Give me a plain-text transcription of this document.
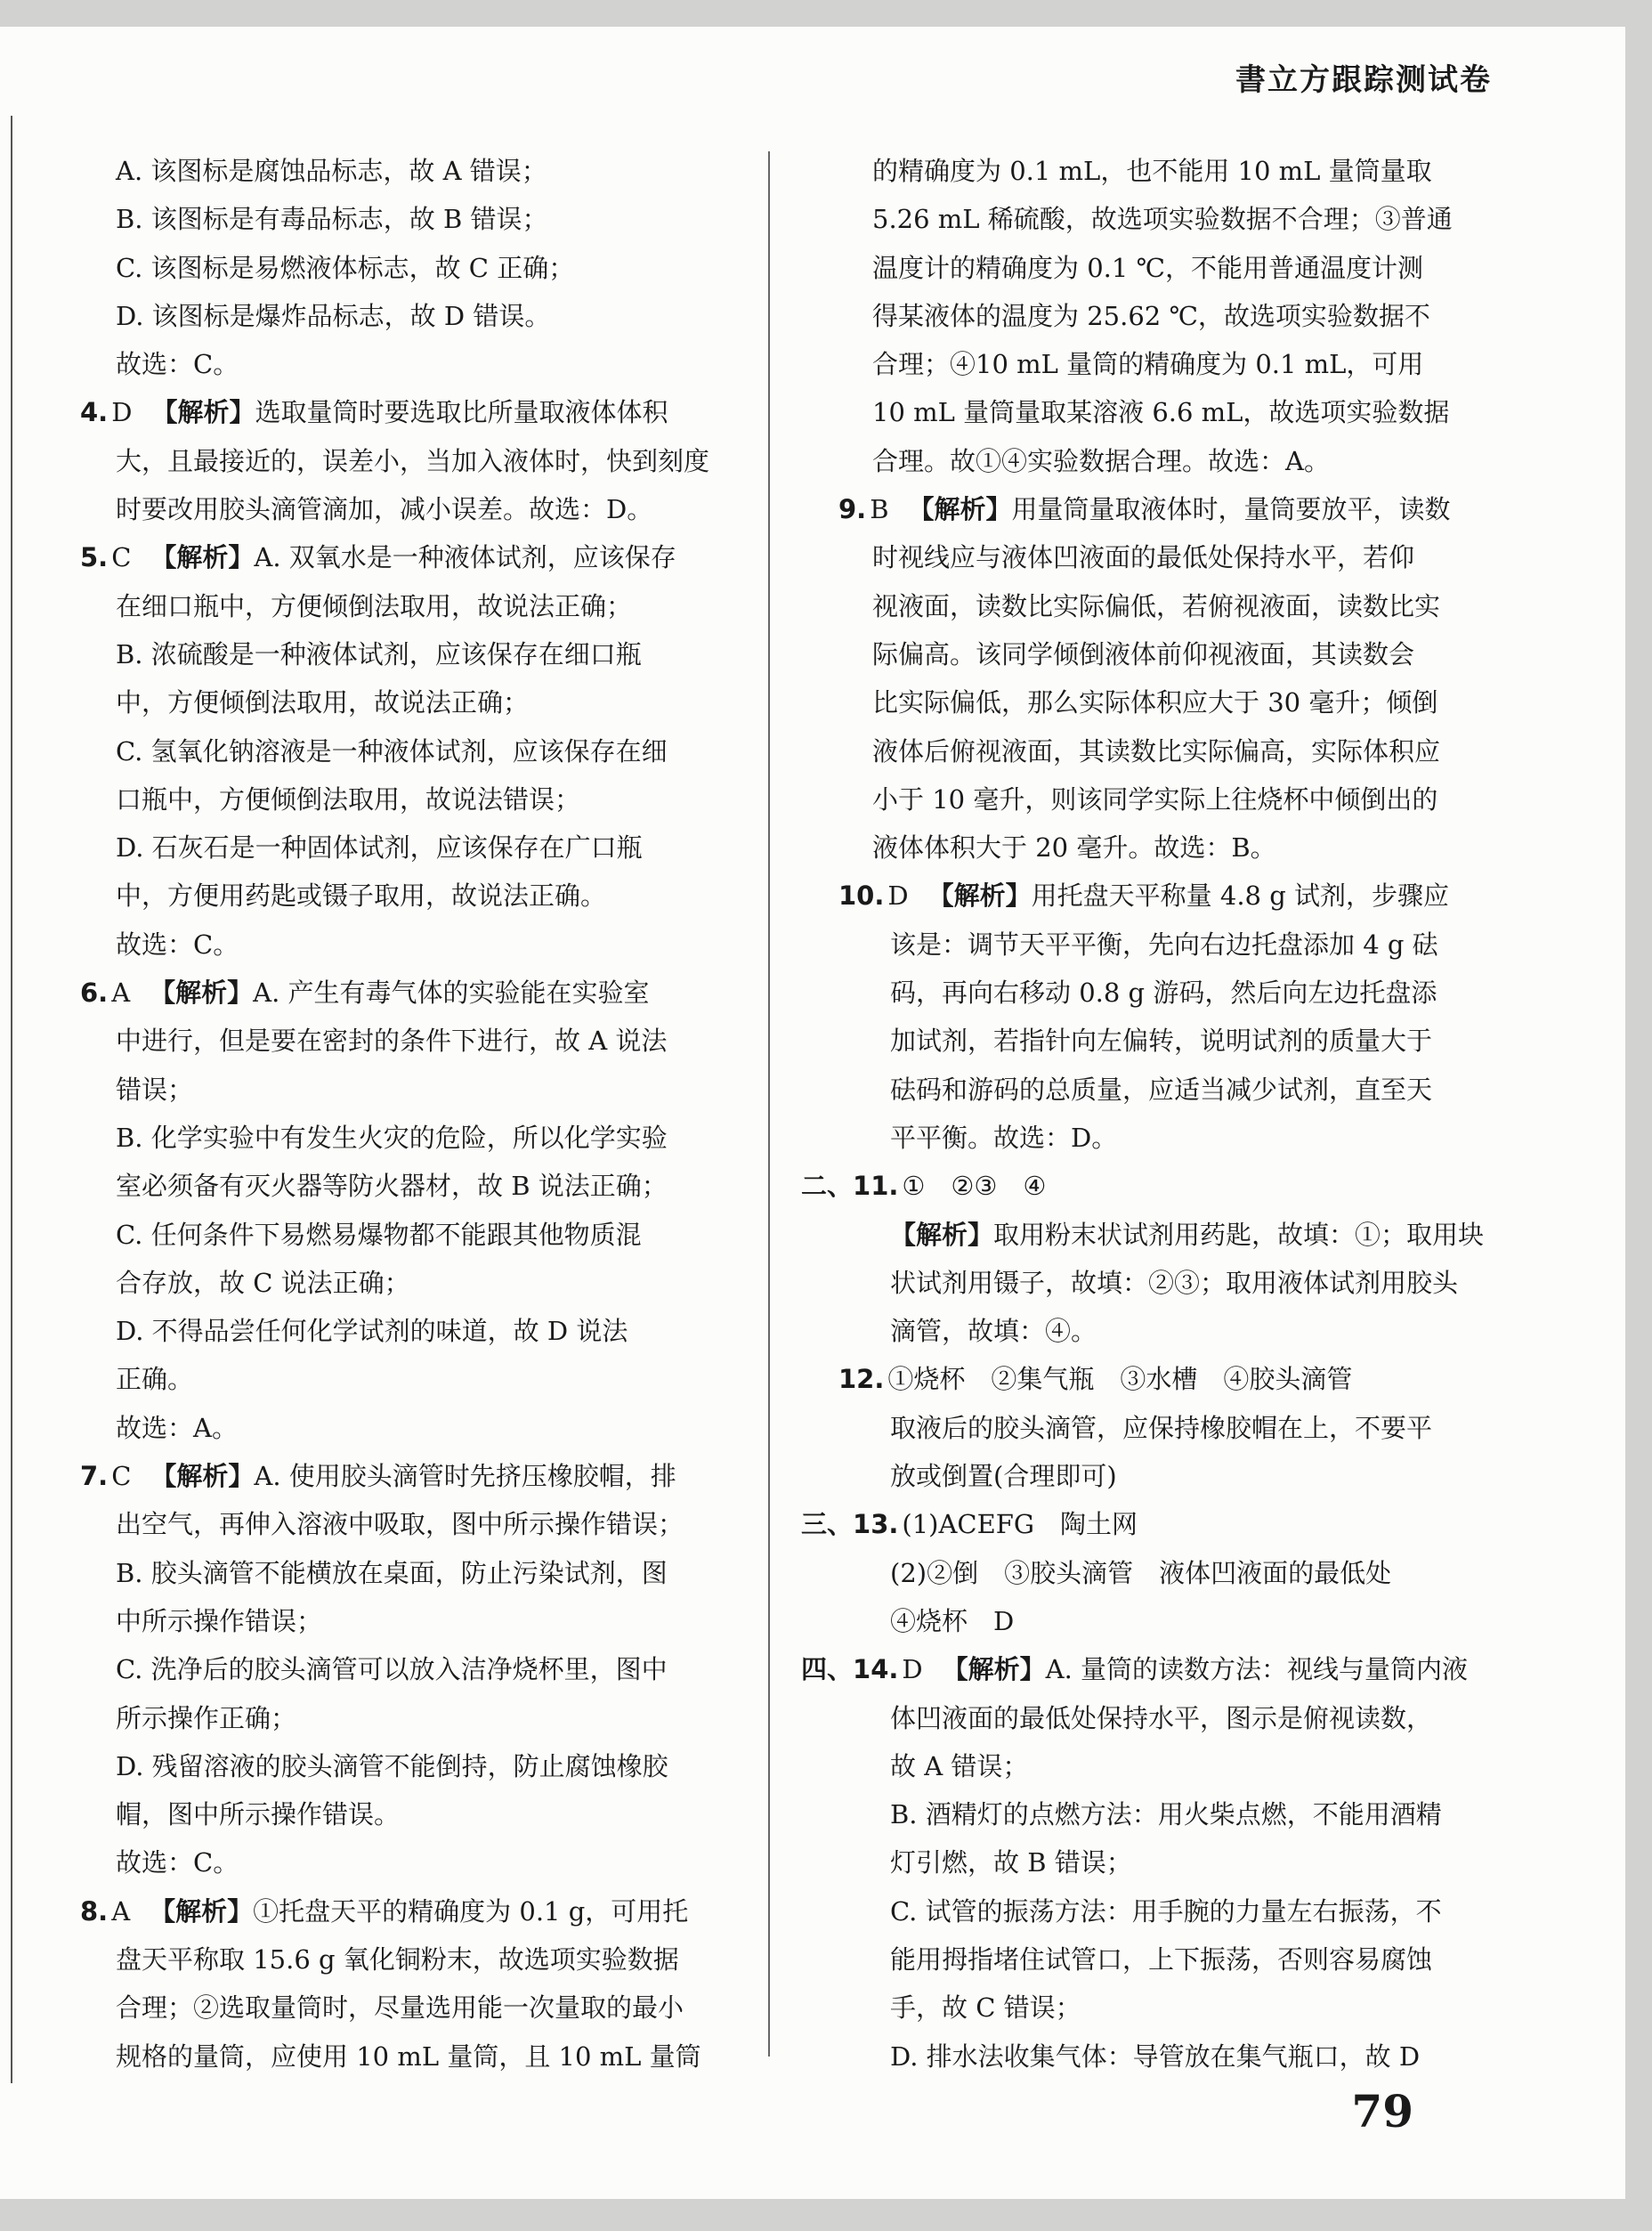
書立方跟踪测试卷
A. 该图标是腐蚀品标志，故 A 错误；
B. 该图标是有毒品标志，故 B 错误；
C. 该图标是易燃液体标志，故 C 正确；
D. 该图标是爆炸品标志，故 D 错误。
故选：C。
4. D 【解析】选取量筒时要选取比所量取液体体积
大，且最接近的，误差小，当加入液体时，快到刻度
时要改用胶头滴管滴加，减小误差。故选：D。
5. C 【解析】A. 双氧水是一种液体试剂，应该保存
在细口瓶中，方便倾倒法取用，故说法正确；
B. 浓硫酸是一种液体试剂，应该保存在细口瓶
中，方便倾倒法取用，故说法正确；
C. 氢氧化钠溶液是一种液体试剂，应该保存在细
口瓶中，方便倾倒法取用，故说法错误；
D. 石灰石是一种固体试剂，应该保存在广口瓶
中，方便用药匙或镊子取用，故说法正确。
故选：C。
6. A 【解析】A. 产生有毒气体的实验能在实验室
中进行，但是要在密封的条件下进行，故 A 说法
错误；
B. 化学实验中有发生火灾的危险，所以化学实验
室必须备有灭火器等防火器材，故 B 说法正确；
C. 任何条件下易燃易爆物都不能跟其他物质混
合存放，故 C 说法正确；
D. 不得品尝任何化学试剂的味道，故 D 说法
正确。
故选：A。
7. C 【解析】A. 使用胶头滴管时先挤压橡胶帽，排
出空气，再伸入溶液中吸取，图中所示操作错误；
B. 胶头滴管不能横放在桌面，防止污染试剂，图
中所示操作错误；
C. 洗净后的胶头滴管可以放入洁净烧杯里，图中
所示操作正确；
D. 残留溶液的胶头滴管不能倒持，防止腐蚀橡胶
帽，图中所示操作错误。
故选：C。
8. A 【解析】①托盘天平的精确度为 0.1 g，可用托
盘天平称取 15.6 g 氧化铜粉末，故选项实验数据
合理；②选取量筒时，尽量选用能一次量取的最小
规格的量筒，应使用 10 mL 量筒，且 10 mL 量筒
的精确度为 0.1 mL，也不能用 10 mL 量筒量取
5.26 mL 稀硫酸，故选项实验数据不合理；③普通
温度计的精确度为 0.1 ℃，不能用普通温度计测
得某液体的温度为 25.62 ℃，故选项实验数据不
合理；④10 mL 量筒的精确度为 0.1 mL，可用
10 mL 量筒量取某溶液 6.6 mL，故选项实验数据
合理。故①④实验数据合理。故选：A。
9. B 【解析】用量筒量取液体时，量筒要放平，读数
时视线应与液体凹液面的最低处保持水平，若仰
视液面，读数比实际偏低，若俯视液面，读数比实
际偏高。该同学倾倒液体前仰视液面，其读数会
比实际偏低，那么实际体积应大于 30 毫升；倾倒
液体后俯视液面，其读数比实际偏高，实际体积应
小于 10 毫升，则该同学实际上往烧杯中倾倒出的
液体体积大于 20 毫升。故选：B。
10. D 【解析】用托盘天平称量 4.8 g 试剂，步骤应
该是：调节天平平衡，先向右边托盘添加 4 g 砝
码，再向右移动 0.8 g 游码，然后向左边托盘添
加试剂，若指针向左偏转，说明试剂的质量大于
砝码和游码的总质量，应适当减少试剂，直至天
平平衡。故选：D。
二、11. ①　②③　④
【解析】取用粉末状试剂用药匙，故填：①；取用块
状试剂用镊子，故填：②③；取用液体试剂用胶头
滴管，故填：④。
12. ①烧杯　②集气瓶　③水槽　④胶头滴管
取液后的胶头滴管，应保持橡胶帽在上，不要平
放或倒置(合理即可)
三、13. (1)ACEFG　陶土网
(2)②倒　③胶头滴管　液体凹液面的最低处
④烧杯　D
四、14. D 【解析】A. 量筒的读数方法：视线与量筒内液
体凹液面的最低处保持水平，图示是俯视读数，
故 A 错误；
B. 酒精灯的点燃方法：用火柴点燃，不能用酒精
灯引燃，故 B 错误；
C. 试管的振荡方法：用手腕的力量左右振荡，不
能用拇指堵住试管口，上下振荡，否则容易腐蚀
手，故 C 错误；
D. 排水法收集气体：导管放在集气瓶口，故 D
79
